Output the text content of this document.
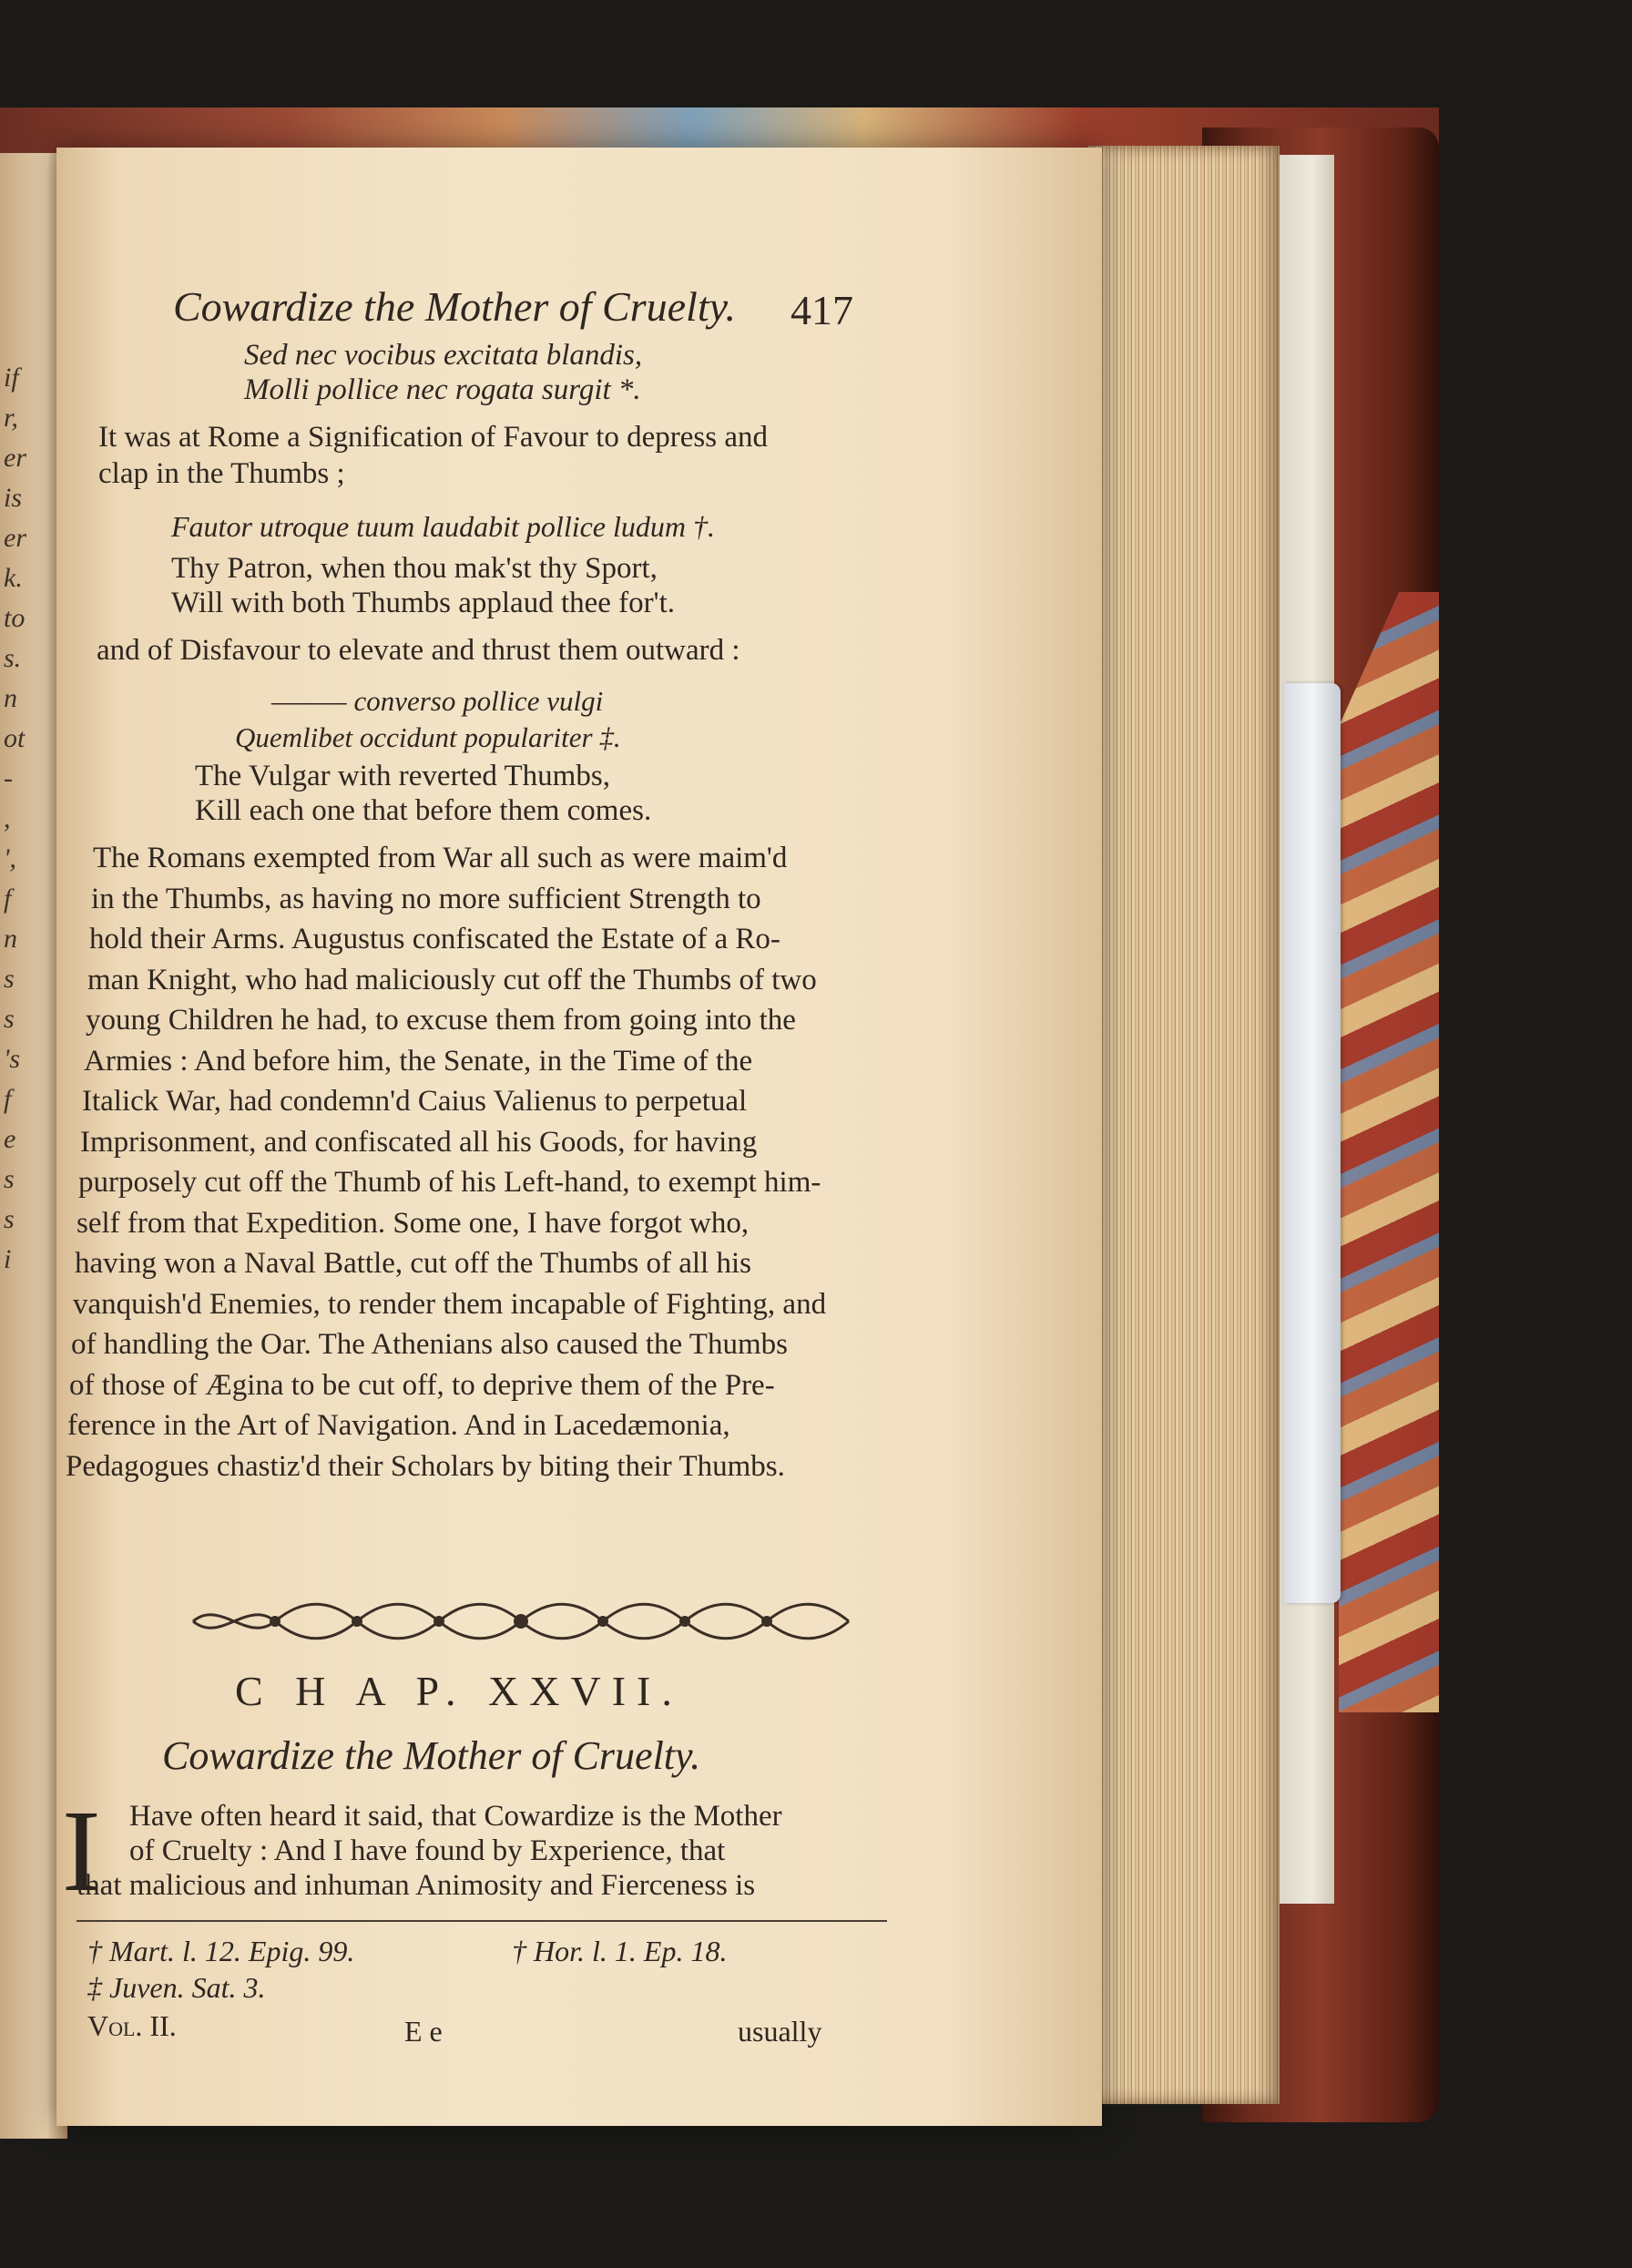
if
r,
er
is
er
k.
to
s.
n
ot
-
,
',
f
n
s
s
's
f
e
s
s
i
Cowardize the Mother of Cruelty. 417
Sed nec vocibus excitata blandis,
Molli pollice nec rogata surgit *.
It was at Rome a Signification of Favour to depress and
clap in the Thumbs ;
Fautor utroque tuum laudabit pollice ludum †.
Thy Patron, when thou mak'st thy Sport,
Will with both Thumbs applaud thee for't.
and of Disfavour to elevate and thrust them outward :
——— converso pollice vulgi
Quemlibet occidunt populariter ‡.
The Vulgar with reverted Thumbs,
Kill each one that before them comes.
The Romans exempted from War all such as were maim'd
in the Thumbs, as having no more sufficient Strength to
hold their Arms. Augustus confiscated the Estate of a Ro-
man Knight, who had maliciously cut off the Thumbs of two
young Children he had, to excuse them from going into the
Armies : And before him, the Senate, in the Time of the
Italick War, had condemn'd Caius Valienus to perpetual
Imprisonment, and confiscated all his Goods, for having
purposely cut off the Thumb of his Left-hand, to exempt him-
self from that Expedition. Some one, I have forgot who,
having won a Naval Battle, cut off the Thumbs of all his
vanquish'd Enemies, to render them incapable of Fighting, and
of handling the Oar. The Athenians also caused the Thumbs
of those of Ægina to be cut off, to deprive them of the Pre-
ference in the Art of Navigation. And in Lacedæmonia,
Pedagogues chastiz'd their Scholars by biting their Thumbs.
C H A P. XXVII.
Cowardize the Mother of Cruelty.
I Have often heard it said, that Cowardize is the Mother
of Cruelty : And I have found by Experience, that
that malicious and inhuman Animosity and Fierceness is
† Mart. l. 12. Epig. 99.
‡ Juven. Sat. 3.
† Hor. l. 1. Ep. 18.
Vol. II.	E e	usually
